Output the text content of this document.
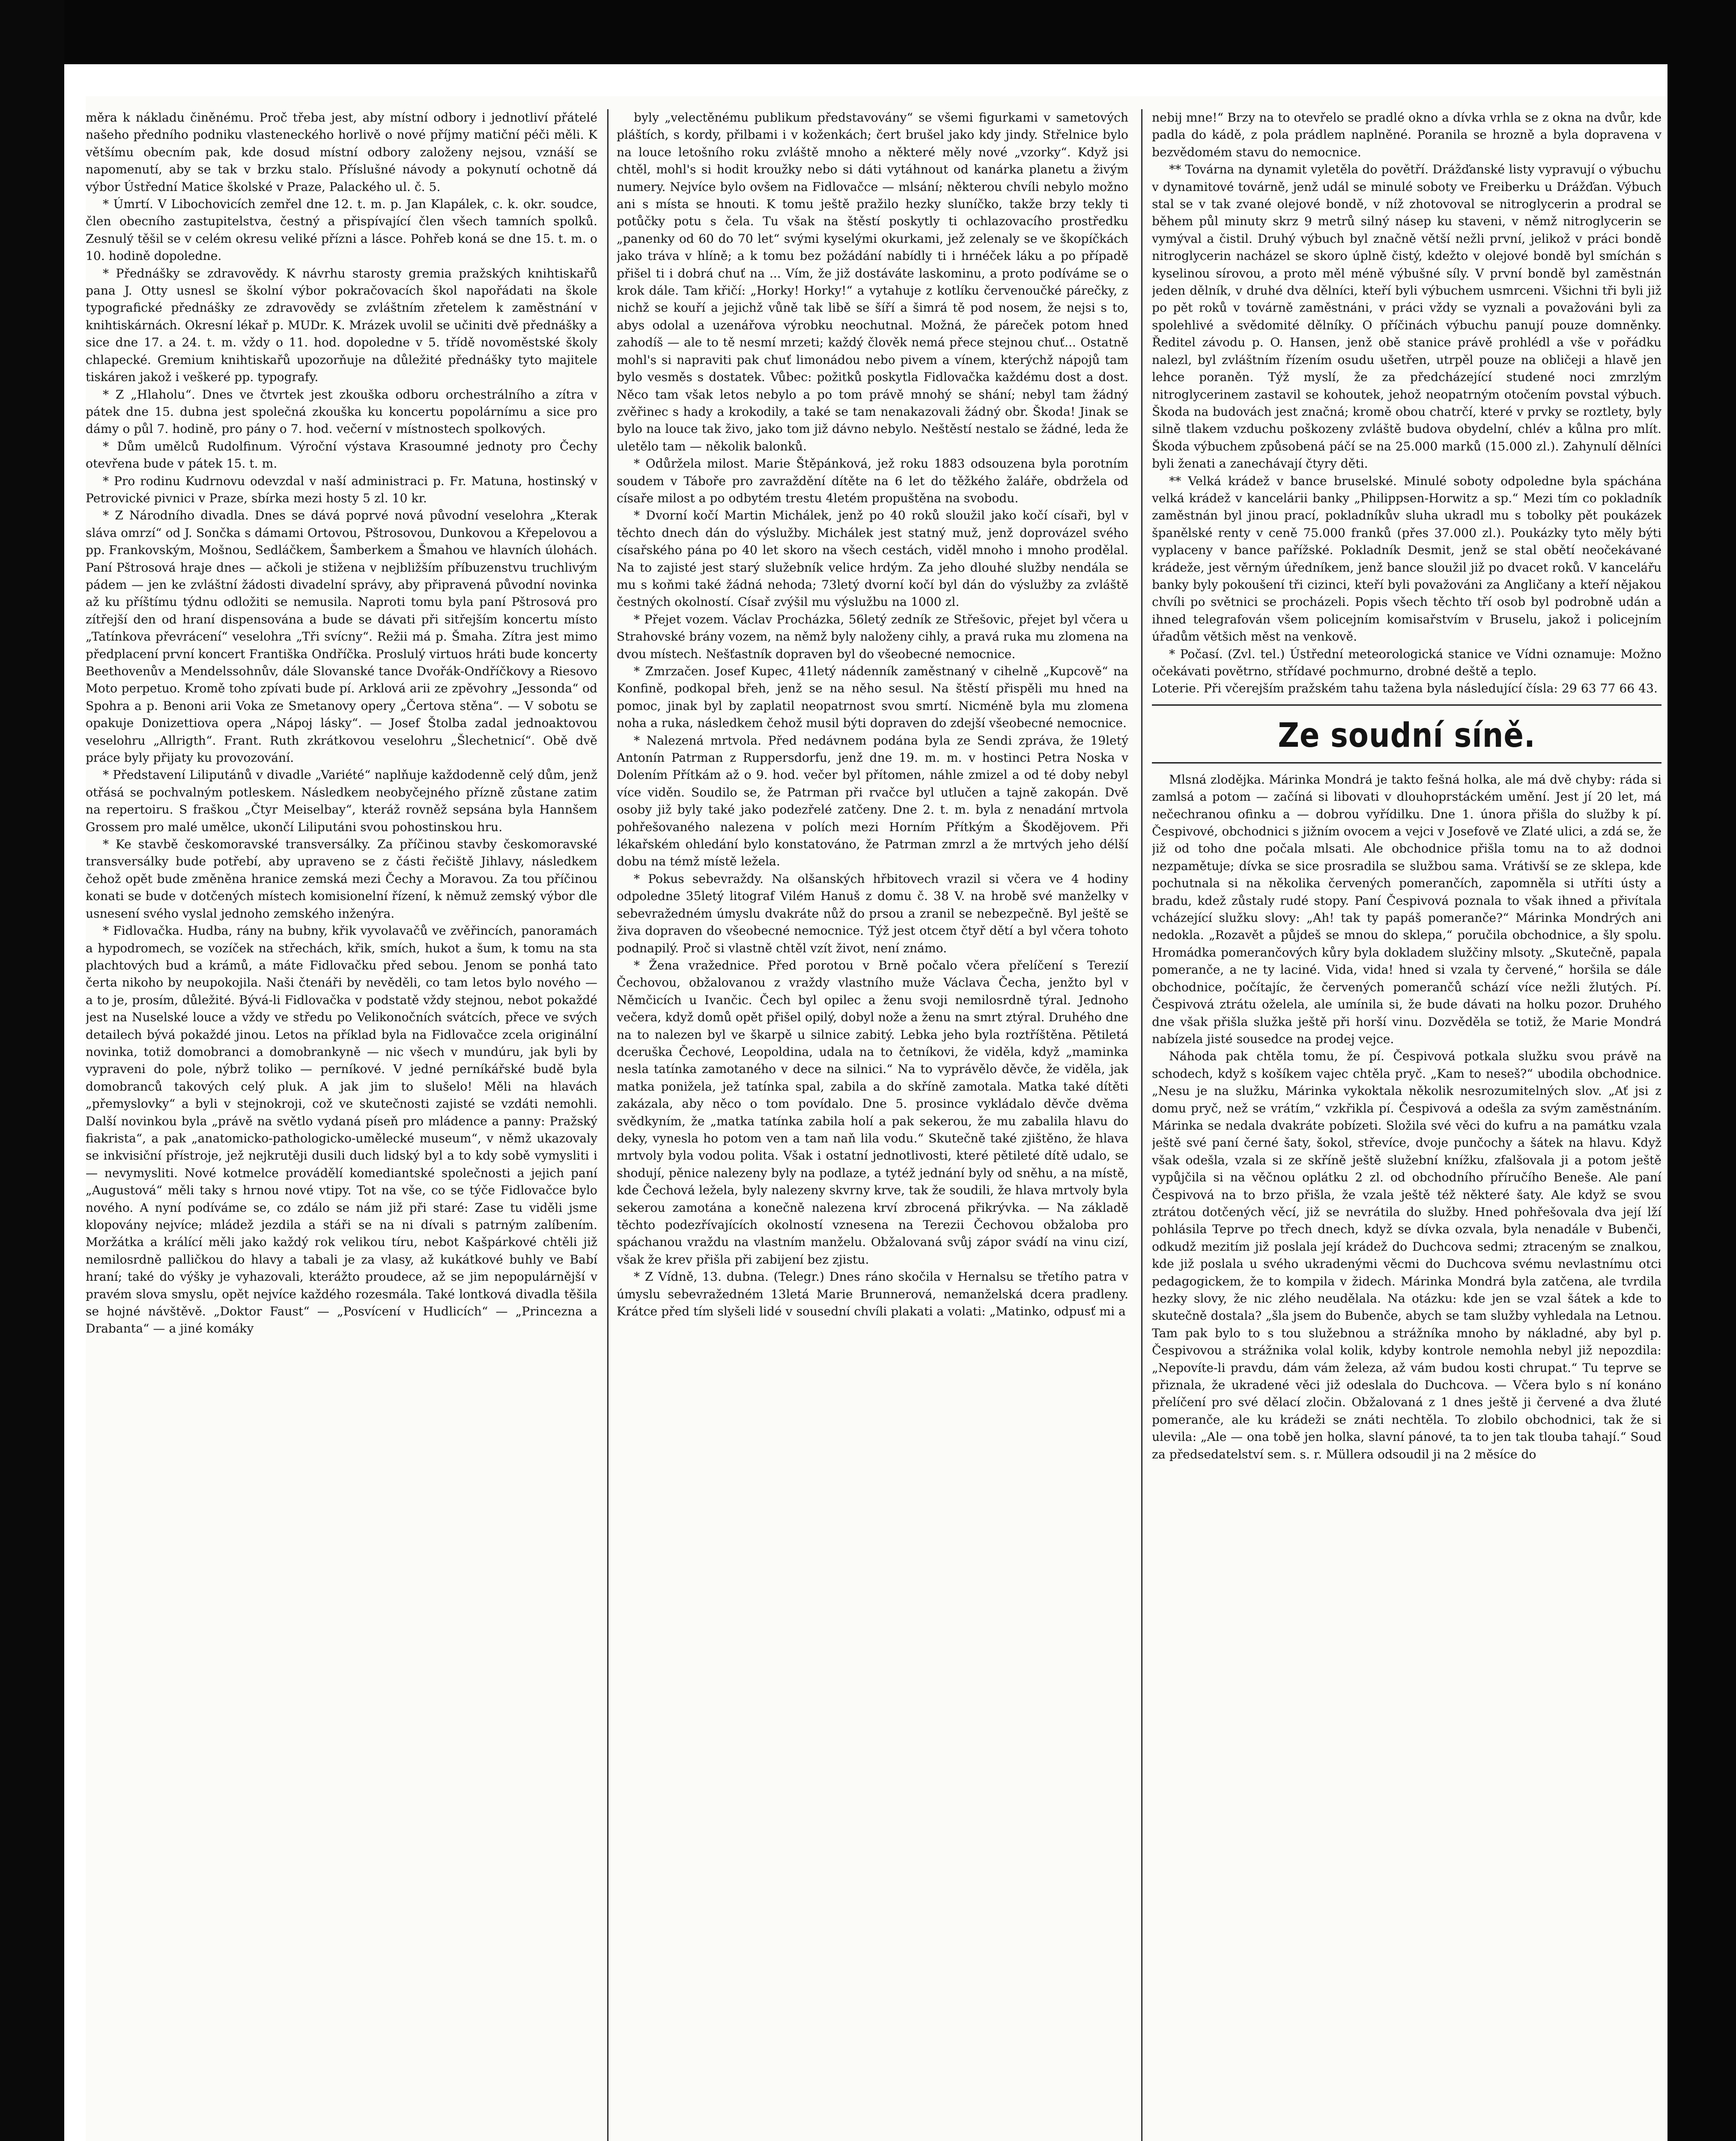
měra k nákladu činěnému. Proč třeba jest, aby místní odbory i jednotliví přátelé našeho předního podniku vlasteneckého horlivě o nové příjmy matiční péči měli. K většímu obecním pak, kde dosud místní odbory založeny nejsou, vznáší se napomenutí, aby se tak v brzku stalo. Příslušné návody a pokynutí ochotně dá výbor Ústřední Matice školské v Praze, Palackého ul. č. 5.

* Úmrtí. V Libochovicích zemřel dne 12. t. m. p. Jan Klapálek, c. k. okr. soudce, člen obecního zastupitelstva, čestný a přispívající člen všech tamních spolků. Zesnulý těšil se v celém okresu veliké přízni a lásce. Pohřeb koná se dne 15. t. m. o 10. hodině dopoledne.

* Přednášky se zdravovědy. K návrhu starosty gremia pražských knihtiskařů pana J. Otty usnesl se školní výbor pokračovacích škol napořádati na škole typografické přednášky ze zdravovědy se zvláštním zřetelem k zaměstnání v knihtiskárnách. Okresní lékař p. MUDr. K. Mrázek uvolil se učiniti dvě přednášky a sice dne 17. a 24. t. m. vždy o 11. hod. dopoledne v 5. třídě novoměstské školy chlapecké. Gremium knihtiskařů upozorňuje na důležité přednášky tyto majitele tiskáren jakož i veškeré pp. typografy.

* Z „Hlaholu“. Dnes ve čtvrtek jest zkouška odboru orchestrálního a zítra v pátek dne 15. dubna jest společná zkouška ku koncertu popolárnímu a sice pro dámy o půl 7. hodině, pro pány o 7. hod. večerní v místnostech spolkových.

* Dům umělců Rudolfinum. Výroční výstava Krasoumné jednoty pro Čechy otevřena bude v pátek 15. t. m.

* Pro rodinu Kudrnovu odevzdal v naší administraci p. Fr. Matuna, hostinský v Petrovické pivnici v Praze, sbírka mezi hosty 5 zl. 10 kr.

* Z Národního divadla. Dnes se dává poprvé nová původní veselohra „Kterak sláva omrzí“ od J. Sončka s dámami Ortovou, Pštrosovou, Dunkovou a Křepelovou a pp. Frankovským, Mošnou, Sedláčkem, Šamberkem a Šmahou ve hlavních úlohách. Paní Pštrosová hraje dnes — ačkoli je stižena v nejbližším příbuzenstvu truchlivým pádem — jen ke zvláštní žádosti divadelní správy, aby připravená původní novinka až ku příštímu týdnu odložiti se nemusila. Naproti tomu byla paní Pštrosová pro zítřejší den od hraní dispensována a bude se dávati při sitřejším koncertu místo „Tatínkova převrácení“ veselohra „Tři svícny“. Režii má p. Šmaha. Zítra jest mimo předplacení první koncert Františka Ondříčka. Proslulý virtuos hráti bude koncerty Beethovenův a Mendelssohnův, dále Slovanské tance Dvořák-Ondříčkovy a Riesovo Moto perpetuo. Kromě toho zpívati bude pí. Arklová arii ze zpěvohry „Jessonda“ od Spohra a p. Benoni arii Voka ze Smetanovy opery „Čertova stěna“. — V sobotu se opakuje Donizettiova opera „Nápoj lásky“. — Josef Štolba zadal jednoaktovou veselohru „Allrigth“. Frant. Ruth zkrátkovou veselohru „Šlechetnicí“. Obě dvě práce byly přijaty ku provozování.

* Představení Liliputánů v divadle „Variété“ naplňuje každodenně celý dům, jenž otřásá se pochvalným potleskem. Následkem neobyčejného přízně zůstane zatim na repertoiru. S fraškou „Čtyr Meiselbay“, kteráž rovněž sepsána byla Hannšem Grossem pro malé umělce, ukončí Liliputáni svou pohostinskou hru.

* Ke stavbě českomoravské transversálky. Za příčinou stavby českomoravské transversálky bude potřebí, aby upraveno se z části řečiště Jihlavy, následkem čehož opět bude změněna hranice zemská mezi Čechy a Moravou. Za tou příčinou konati se bude v dotčených místech komisionelní řízení, k němuž zemský výbor dle usnesení svého vyslal jednoho zemského inženýra.

* Fidlovačka. Hudba, rány na bubny, křik vyvolavačů ve zvěřincích, panoramách a hypodromech, se vozíček na střechách, křik, smích, hukot a šum, k tomu na sta plachtových bud a krámů, a máte Fidlovačku před sebou. Jenom se ponhá tato čerta nikoho by neupokojila. Naši čtenáři by nevěděli, co tam letos bylo nového — a to je, prosím, důležité. Bývá-li Fidlovačka v podstatě vždy stejnou, nebot pokaždé jest na Nuselské louce a vždy ve středu po Velikonočních svátcích, přece ve svých detailech bývá pokaždé jinou. Letos na příklad byla na Fidlovačce zcela originální novinka, totiž domobranci a domobrankyně — nic všech v mundúru, jak byli by vypraveni do pole, nýbrž toliko — perníkové. V jedné perníkářské budě byla domobranců takových celý pluk. A jak jim to slušelo! Měli na hlavách „přemyslovky“ a byli v stejnokroji, což ve skutečnosti zajisté se vzdáti nemohli. Další novinkou byla „právě na světlo vydaná píseň pro mládence a panny: Pražský fiakrista“, a pak „anatomicko-pathologicko-umělecké museum“, v němž ukazovaly se inkvisiční přístroje, jež nejkrutěji dusili duch lidský byl a to kdy sobě vymysliti i — nevymysliti. Nové kotmelce provádělí komediantské společnosti a jejich paní „Augustová“ měli taky s hrnou nové vtipy. Tot na vše, co se týče Fidlovačce bylo nového. A nyní podíváme se, co zdálo se nám již při staré: Zase tu viděli jsme klopovány nejvíce; mládež jezdila a stáři se na ni dívali s patrným zalíbením. Moržátka a králící měli jako každý rok velikou tíru, nebot Kašpárkové chtěli již nemilosrdně palličkou do hlavy a tabali je za vlasy, až kukátkové buhly ve Babí hraní; také do výšky je vyhazovali, kterážto proudece, až se jim nepopulárnější v pravém slova smyslu, opět nejvíce každého rozesmála. Také lontková divadla těšila se hojné návštěvě. „Doktor Faust“ — „Posvícení v Hudlicích“ — „Princezna a Drabanta“ — a jiné komáky

byly „velectěnému publikum představovány“ se všemi figurkami v sametových pláštích, s kordy, přilbami i v koženkách; čert brušel jako kdy jindy. Střelnice bylo na louce letošního roku zvláště mnoho a některé měly nové „vzorky“. Když jsi chtěl, mohl's si hodit kroužky nebo si dáti vytáhnout od kanárka planetu a živým numery. Nejvíce bylo ovšem na Fidlovačce — mlsání; některou chvíli nebylo možno ani s místa se hnouti. K tomu ještě pražilo hezky sluníčko, takže brzy tekly ti potůčky potu s čela. Tu však na štěstí poskytly ti ochlazovacího prostředku „panenky od 60 do 70 let“ svými kyselými okurkami, jež zelenaly se ve škopíčkách jako tráva v hlíně; a k tomu bez požádání nabídly ti i hrnéček láku a po případě přišel ti i dobrá chuť na ... Vím, že již dostáváte laskominu, a proto podíváme se o krok dále. Tam křičí: „Horky! Horky!“ a vytahuje z kotlíku červenoučké párečky, z nichž se kouří a jejichž vůně tak libě se šíří a šimrá tě pod nosem, že nejsi s to, abys odolal a uzenářova výrobku neochutnal. Možná, že páreček potom hned zahodíš — ale to tě nesmí mrzeti; každý člověk nemá přece stejnou chuť... Ostatně mohl's si napraviti pak chuť limonádou nebo pivem a vínem, kterýchž nápojů tam bylo vesměs s dostatek. Vůbec: požitků poskytla Fidlovačka každému dost a dost. Něco tam však letos nebylo a po tom právě mnohý se shání; nebyl tam žádný zvěřinec s hady a krokodily, a také se tam nenakazovali žádný obr. Škoda! Jinak se bylo na louce tak živo, jako tom již dávno nebylo. Neštěstí nestalo se žádné, leda že uletělo tam — několik balonků.

* Odůržela milost. Marie Štěpánková, jež roku 1883 odsouzena byla porotním soudem v Táboře pro zavraždění dítěte na 6 let do těžkého žaláře, obdržela od císaře milost a po odbytém trestu 4letém propuštěna na svobodu.

* Dvorní kočí Martin Michálek, jenž po 40 roků sloužil jako kočí císaři, byl v těchto dnech dán do výslužby. Michálek jest statný muž, jenž doprovázel svého císařského pána po 40 let skoro na všech cestách, viděl mnoho i mnoho prodělal. Na to zajisté jest starý služebník velice hrdým. Za jeho dlouhé služby nendála se mu s koňmi také žádná nehoda; 73letý dvorní kočí byl dán do výslužby za zvláště čestných okolností. Císař zvýšil mu výslužbu na 1000 zl.

* Přejet vozem. Václav Procházka, 56letý zedník ze Střešovic, přejet byl včera u Strahovské brány vozem, na němž byly naloženy cihly, a pravá ruka mu zlomena na dvou místech. Nešťastník dopraven byl do všeobecné nemocnice.

* Zmrzačen. Josef Kupec, 41letý nádenník zaměstnaný v cihelně „Kupcově“ na Konfině, podkopal břeh, jenž se na něho sesul. Na štěstí přispěli mu hned na pomoc, jinak byl by zaplatil neopatrnost svou smrtí. Nicméně byla mu zlomena noha a ruka, následkem čehož musil býti dopraven do zdejší všeobecné nemocnice.

* Nalezená mrtvola. Před nedávnem podána byla ze Sendi zpráva, že 19letý Antonín Patrman z Ruppersdorfu, jenž dne 19. m. m. v hostinci Petra Noska v Dolením Přítkám až o 9. hod. večer byl přítomen, náhle zmizel a od té doby nebyl více viděn. Soudilo se, že Patrman při rvačce byl utlučen a tajně zakopán. Dvě osoby již byly také jako podezřelé zatčeny. Dne 2. t. m. byla z nenadání mrtvola pohřešovaného nalezena v polích mezi Horním Přítkým a Škodějovem. Při lékařském ohledání bylo konstatováno, že Patrman zmrzl a že mrtvých jeho délší dobu na témž místě ležela.

* Pokus sebevraždy. Na olšanských hřbitovech vrazil si včera ve 4 hodiny odpoledne 35letý litograf Vilém Hanuš z domu č. 38 V. na hrobě své manželky v sebevražedném úmyslu dvakráte nůž do prsou a zranil se nebezpečně. Byl ještě se živa dopraven do všeobecné nemocnice. Týž jest otcem čtyř dětí a byl včera tohoto podnapilý. Proč si vlastně chtěl vzít život, není známo.

* Žena vražednice. Před porotou v Brně počalo včera přelíčení s Terezií Čechovou, obžalovanou z vraždy vlastního muže Václava Čecha, jenžto byl v Němčicích u Ivančic. Čech byl opilec a ženu svoji nemilosrdně týral. Jednoho večera, když domů opět přišel opilý, dobyl nože a ženu na smrt ztýral. Druhého dne na to nalezen byl ve škarpě u silnice zabitý. Lebka jeho byla roztříštěna. Pětiletá dceruška Čechové, Leopoldina, udala na to četníkovi, že viděla, když „maminka nesla tatínka zamotaného v dece na silnici.“ Na to vyprávělo děvče, že viděla, jak matka ponižela, jež tatínka spal, zabila a do skříně zamotala. Matka také dítěti zakázala, aby něco o tom povídalo. Dne 5. prosince vykládalo děvče dvěma svědkyním, že „matka tatínka zabila holí a pak sekerou, že mu zabalila hlavu do deky, vynesla ho potom ven a tam naň lila vodu.“ Skutečně také zjištěno, že hlava mrtvoly byla vodou polita. Však i ostatní jednotlivosti, které pětileté dítě udalo, se shodují, pěnice nalezeny byly na podlaze, a tytéž jednání byly od sněhu, a na místě, kde Čechová ležela, byly nalezeny skvrny krve, tak že soudili, že hlava mrtvoly byla sekerou zamotána a konečně nalezena krví zbrocená přikrývka. — Na základě těchto podezřívajících okolností vznesena na Terezii Čechovou obžaloba pro spáchanou vraždu na vlastním manželu. Obžalovaná svůj zápor svádí na vinu cizí, však že krev přišla při zabijení bez zjistu.

* Z Vídně, 13. dubna. (Telegr.) Dnes ráno skočila v Hernalsu se třetího patra v úmyslu sebevražedném 13letá Marie Brunnerová, nemanželská dcera pradleny. Krátce před tím slyšeli lidé v sousední chvíli plakati a volati: „Matinko, odpusť mi a

nebij mne!“ Brzy na to otevřelo se pradlé okno a dívka vrhla se z okna na dvůr, kde padla do kádě, z pola prádlem naplněné. Poranila se hrozně a byla dopravena v bezvědomém stavu do nemocnice.

** Továrna na dynamit vyletěla do povětří. Drážďanské listy vypravují o výbuchu v dynamitové továrně, jenž udál se minulé soboty ve Freiberku u Drážďan. Výbuch stal se v tak zvané olejové bondě, v níž zhotovoval se nitroglycerin a prodral se během půl minuty skrz 9 metrů silný násep ku staveni, v němž nitroglycerin se vymýval a čistil. Druhý výbuch byl značně větší nežli první, jelikož v práci bondě nitroglycerin nacházel se skoro úplně čistý, kdežto v olejové bondě byl smíchán s kyselinou sírovou, a proto měl méně výbušné síly. V první bondě byl zaměstnán jeden dělník, v druhé dva dělníci, kteří byli výbuchem usmrceni. Všichni tři byli již po pět roků v továrně zaměstnáni, v práci vždy se vyznali a považováni byli za spolehlivé a svědomité dělníky. O příčinách výbuchu panují pouze domněnky. Ředitel závodu p. O. Hansen, jenž obě stanice právě prohlédl a vše v pořádku nalezl, byl zvláštním řízením osudu ušetřen, utrpěl pouze na obličeji a hlavě jen lehce poraněn. Týž myslí, že za předcházející studené noci zmrzlým nitroglycerinem zastavil se kohoutek, jehož neopatrným otočením povstal výbuch. Škoda na budovách jest značná; kromě obou chatrčí, které v prvky se roztlety, byly silně tlakem vzduchu poškozeny zvláště budova obydelní, chlév a kůlna pro mlít. Škoda výbuchem způsobená páčí se na 25.000 marků (15.000 zl.). Zahynulí dělníci byli ženati a zanechávají čtyry děti.

** Velká krádež v bance bruselské. Minulé soboty odpoledne byla spáchána velká krádež v kancelárii banky „Philippsen-Horwitz a sp.“ Mezi tím co pokladník zaměstnán byl jinou prací, pokladníkův sluha ukradl mu s tobolky pět poukázek španělské renty v ceně 75.000 franků (přes 37.000 zl.). Poukázky tyto měly býti vyplaceny v bance pařížské. Pokladník Desmit, jenž se stal obětí neočekávané krádeže, jest věrným úředníkem, jenž bance sloužil již po dvacet roků. V kancelářu banky byly pokoušení tři cizinci, kteří byli považováni za Angličany a kteří nějakou chvíli po světnici se procházeli. Popis všech těchto tří osob byl podrobně udán a ihned telegrafován všem policejním komisařstvím v Bruselu, jakož i policejním úřadům většich měst na venkově.

* Počasí. (Zvl. tel.) Ústřední meteorologická stanice ve Vídni oznamuje: Možno očekávati povětrno, střídavé pochmurno, drobné deště a teplo.

Loterie. Při včerejším pražském tahu tažena byla následující čísla: 29 63 77 66 43.

Ze soudní síně.

Mlsná zlodějka. Márinka Mondrá je takto fešná holka, ale má dvě chyby: ráda si zamlsá a potom — začíná si libovati v dlouhoprstáckém umění. Jest jí 20 let, má nečechranou ofinku a — dobrou vyřídilku. Dne 1. února přišla do služby k pí. Čespivové, obchodnici s jižním ovocem a vejci v Josefově ve Zlaté ulici, a zdá se, že již od toho dne počala mlsati. Ale obchodnice přišla tomu na to až dodnoi nezpamětuje; dívka se sice prosradila se službou sama. Vrátivší se ze sklepa, kde pochutnala si na několika červených pomerančích, zapomněla si utříti ústy a bradu, kdež zůstaly rudé stopy. Paní Čespivová poznala to však ihned a přivítala vcházející služku slovy: „Ah! tak ty papáš pomeranče?“ Márinka Mondrých ani nedokla. „Rozavět a půjdeš se mnou do sklepa,“ poručila obchodnice, a šly spolu. Hromádka pomerančových kůry byla dokladem služčiny mlsoty. „Skutečně, papala pomeranče, a ne ty laciné. Vida, vida! hned si vzala ty červené,“ horšila se dále obchodnice, počítajíc, že červených pomerančů schází více nežli žlutých. Pí. Čespivová ztrátu oželela, ale umínila si, že bude dávati na holku pozor. Druhého dne však přišla služka ještě při horší vinu. Dozvěděla se totiž, že Marie Mondrá nabízela jisté sousedce na prodej vejce.

Náhoda pak chtěla tomu, že pí. Čespivová potkala služku svou právě na schodech, když s košíkem vajec chtěla pryč. „Kam to neseš?“ ubodila obchodnice. „Nesu je na služku, Márinka vykoktala několik nesrozumitelných slov. „Ať jsi z domu pryč, než se vrátím,“ vzkřikla pí. Čespivová a odešla za svým zaměstnáním. Márinka se nedala dvakráte pobízeti. Složila své věci do kufru a na památku vzala ještě své paní černé šaty, šokol, střevíce, dvoje punčochy a šátek na hlavu. Když však odešla, vzala si ze skříně ještě služební knížku, zfalšovala ji a potom ještě vypůjčila si na věčnou oplátku 2 zl. od obchodního příručího Beneše. Ale paní Čespivová na to brzo přišla, že vzala ještě též některé šaty. Ale když se svou ztrátou dotčených věcí, již se nevrátila do služby. Hned pohřešovala dva její lží pohlásila Teprve po třech dnech, když se dívka ozvala, byla nenadále v Bubenči, odkudž mezitím již poslala její krádež do Duchcova sedmi; ztraceným se znalkou, kde již poslala u svého ukradenými věcmi do Duchcova svému nevlastnímu otci pedagogickem, že to kompila v židech. Márinka Mondrá byla zatčena, ale tvrdila hezky slovy, že nic zlého neudělala. Na otázku: kde jen se vzal šátek a kde to skutečně dostala? „šla jsem do Bubenče, abych se tam služby vyhledala na Letnou. Tam pak bylo to s tou služebnou a strážníka mnoho by nákladné, aby byl p. Čespivovou a strážnika volal kolik, kdyby kontrole nemohla nebyl již nepozdila: „Nepovíte-li pravdu, dám vám železa, až vám budou kosti chrupat.“ Tu teprve se přiznala, že ukradené věci již odeslala do Duchcova. — Včera bylo s ní konáno přelíčení pro své dělací zločin. Obžalovaná z 1 dnes ještě ji červené a dva žluté pomeranče, ale ku krádeži se znáti nechtěla. To zlobilo obchodnici, tak že si ulevila: „Ale — ona tobě jen holka, slavní pánové, ta to jen tak tlouba tahají.“ Soud za předsedatelství sem. s. r. Müllera odsoudil ji na 2 měsíce do
